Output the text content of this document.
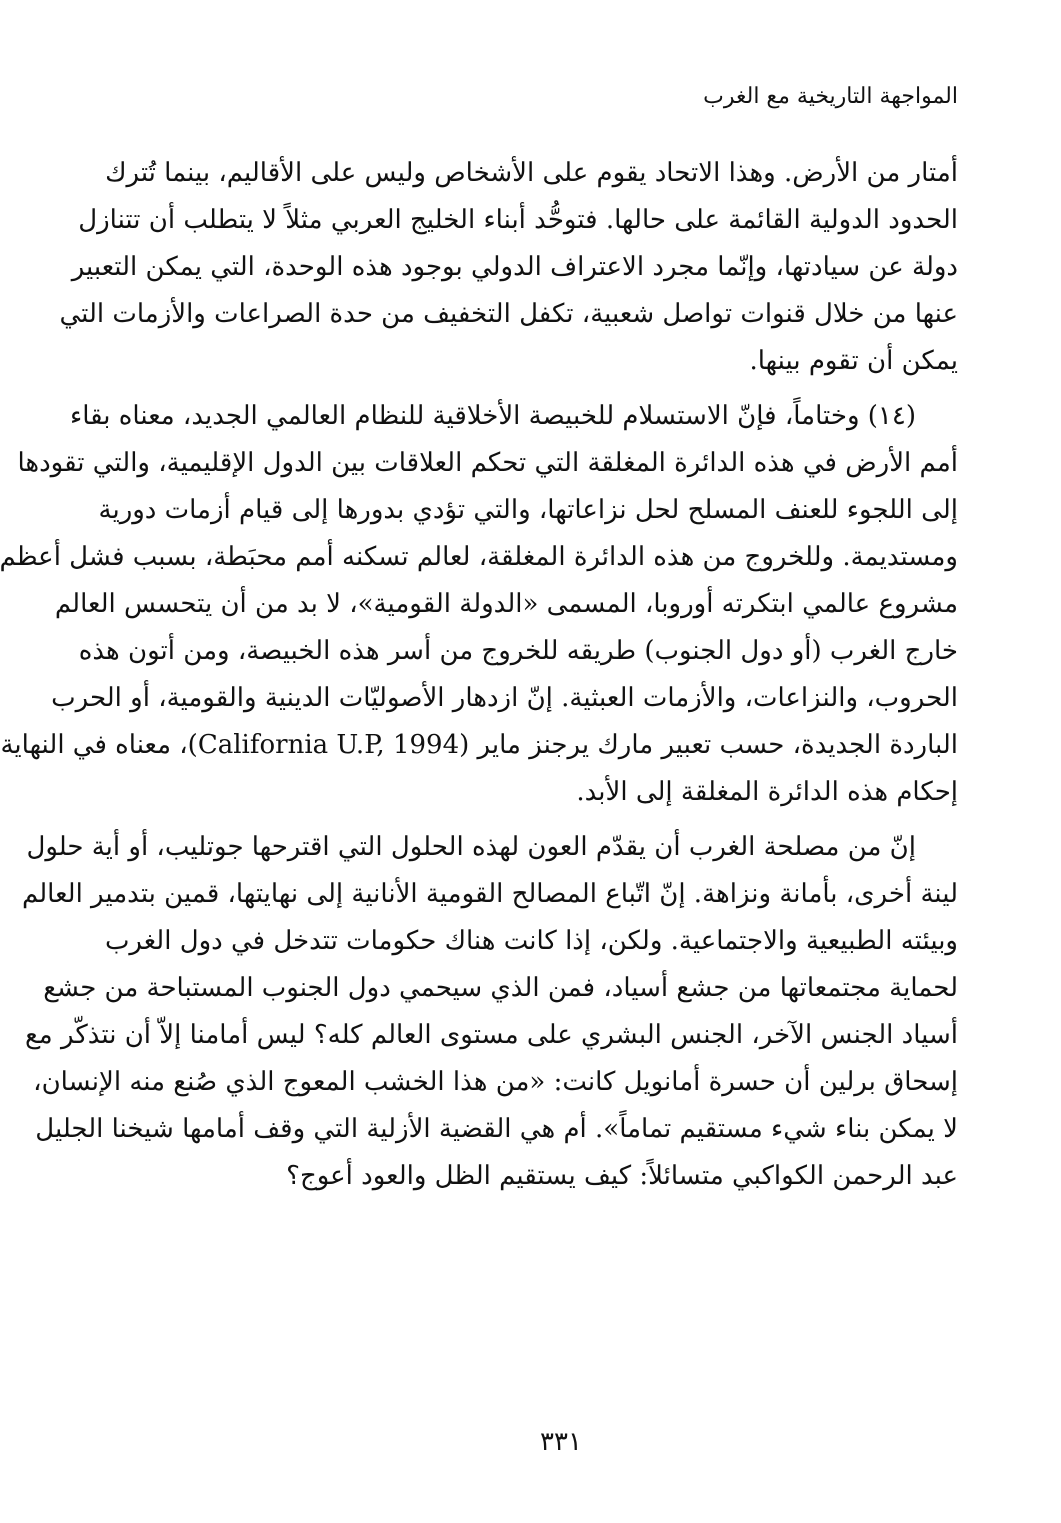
المواجهة التاريخية مع الغرب
أمتار من الأرض. وهذا الاتحاد يقوم على الأشخاص وليس على الأقاليم، بينما تُترك
الحدود الدولية القائمة على حالها. فتوحُّد أبناء الخليج العربي مثلاً لا يتطلب أن تتنازل
دولة عن سيادتها، وإنّما مجرد الاعتراف الدولي بوجود هذه الوحدة، التي يمكن التعبير
عنها من خلال قنوات تواصل شعبية، تكفل التخفيف من حدة الصراعات والأزمات التي
يمكن أن تقوم بينها.
(١٤) وختاماً، فإنّ الاستسلام للخبيصة الأخلاقية للنظام العالمي الجديد، معناه بقاء
أمم الأرض في هذه الدائرة المغلقة التي تحكم العلاقات بين الدول الإقليمية، والتي تقودها
إلى اللجوء للعنف المسلح لحل نزاعاتها، والتي تؤدي بدورها إلى قيام أزمات دورية
ومستديمة. وللخروج من هذه الدائرة المغلقة، لعالم تسكنه أمم محبَطة، بسبب فشل أعظم
مشروع عالمي ابتكرته أوروبا، المسمى «الدولة القومية»، لا بد من أن يتحسس العالم
خارج الغرب (أو دول الجنوب) طريقه للخروج من أسر هذه الخبيصة، ومن أتون هذه
الحروب، والنزاعات، والأزمات العبثية. إنّ ازدهار الأصوليّات الدينية والقومية، أو الحرب
الباردة الجديدة، حسب تعبير مارك يرجنز ماير (California U.P, 1994)، معناه في النهاية
إحكام هذه الدائرة المغلقة إلى الأبد.
إنّ من مصلحة الغرب أن يقدّم العون لهذه الحلول التي اقترحها جوتليب، أو أية حلول
لينة أخرى، بأمانة ونزاهة. إنّ اتّباع المصالح القومية الأنانية إلى نهايتها، قمين بتدمير العالم
وبيئته الطبيعية والاجتماعية. ولكن، إذا كانت هناك حكومات تتدخل في دول الغرب
لحماية مجتمعاتها من جشع أسياد، فمن الذي سيحمي دول الجنوب المستباحة من جشع
أسياد الجنس الآخر، الجنس البشري على مستوى العالم كله؟ ليس أمامنا إلاّ أن نتذكّر مع
إسحاق برلين أن حسرة أمانويل كانت: «من هذا الخشب المعوج الذي صُنع منه الإنسان،
لا يمكن بناء شيء مستقيم تماماً». أم هي القضية الأزلية التي وقف أمامها شيخنا الجليل
عبد الرحمن الكواكبي متسائلاً: كيف يستقيم الظل والعود أعوج؟
٣٣١
